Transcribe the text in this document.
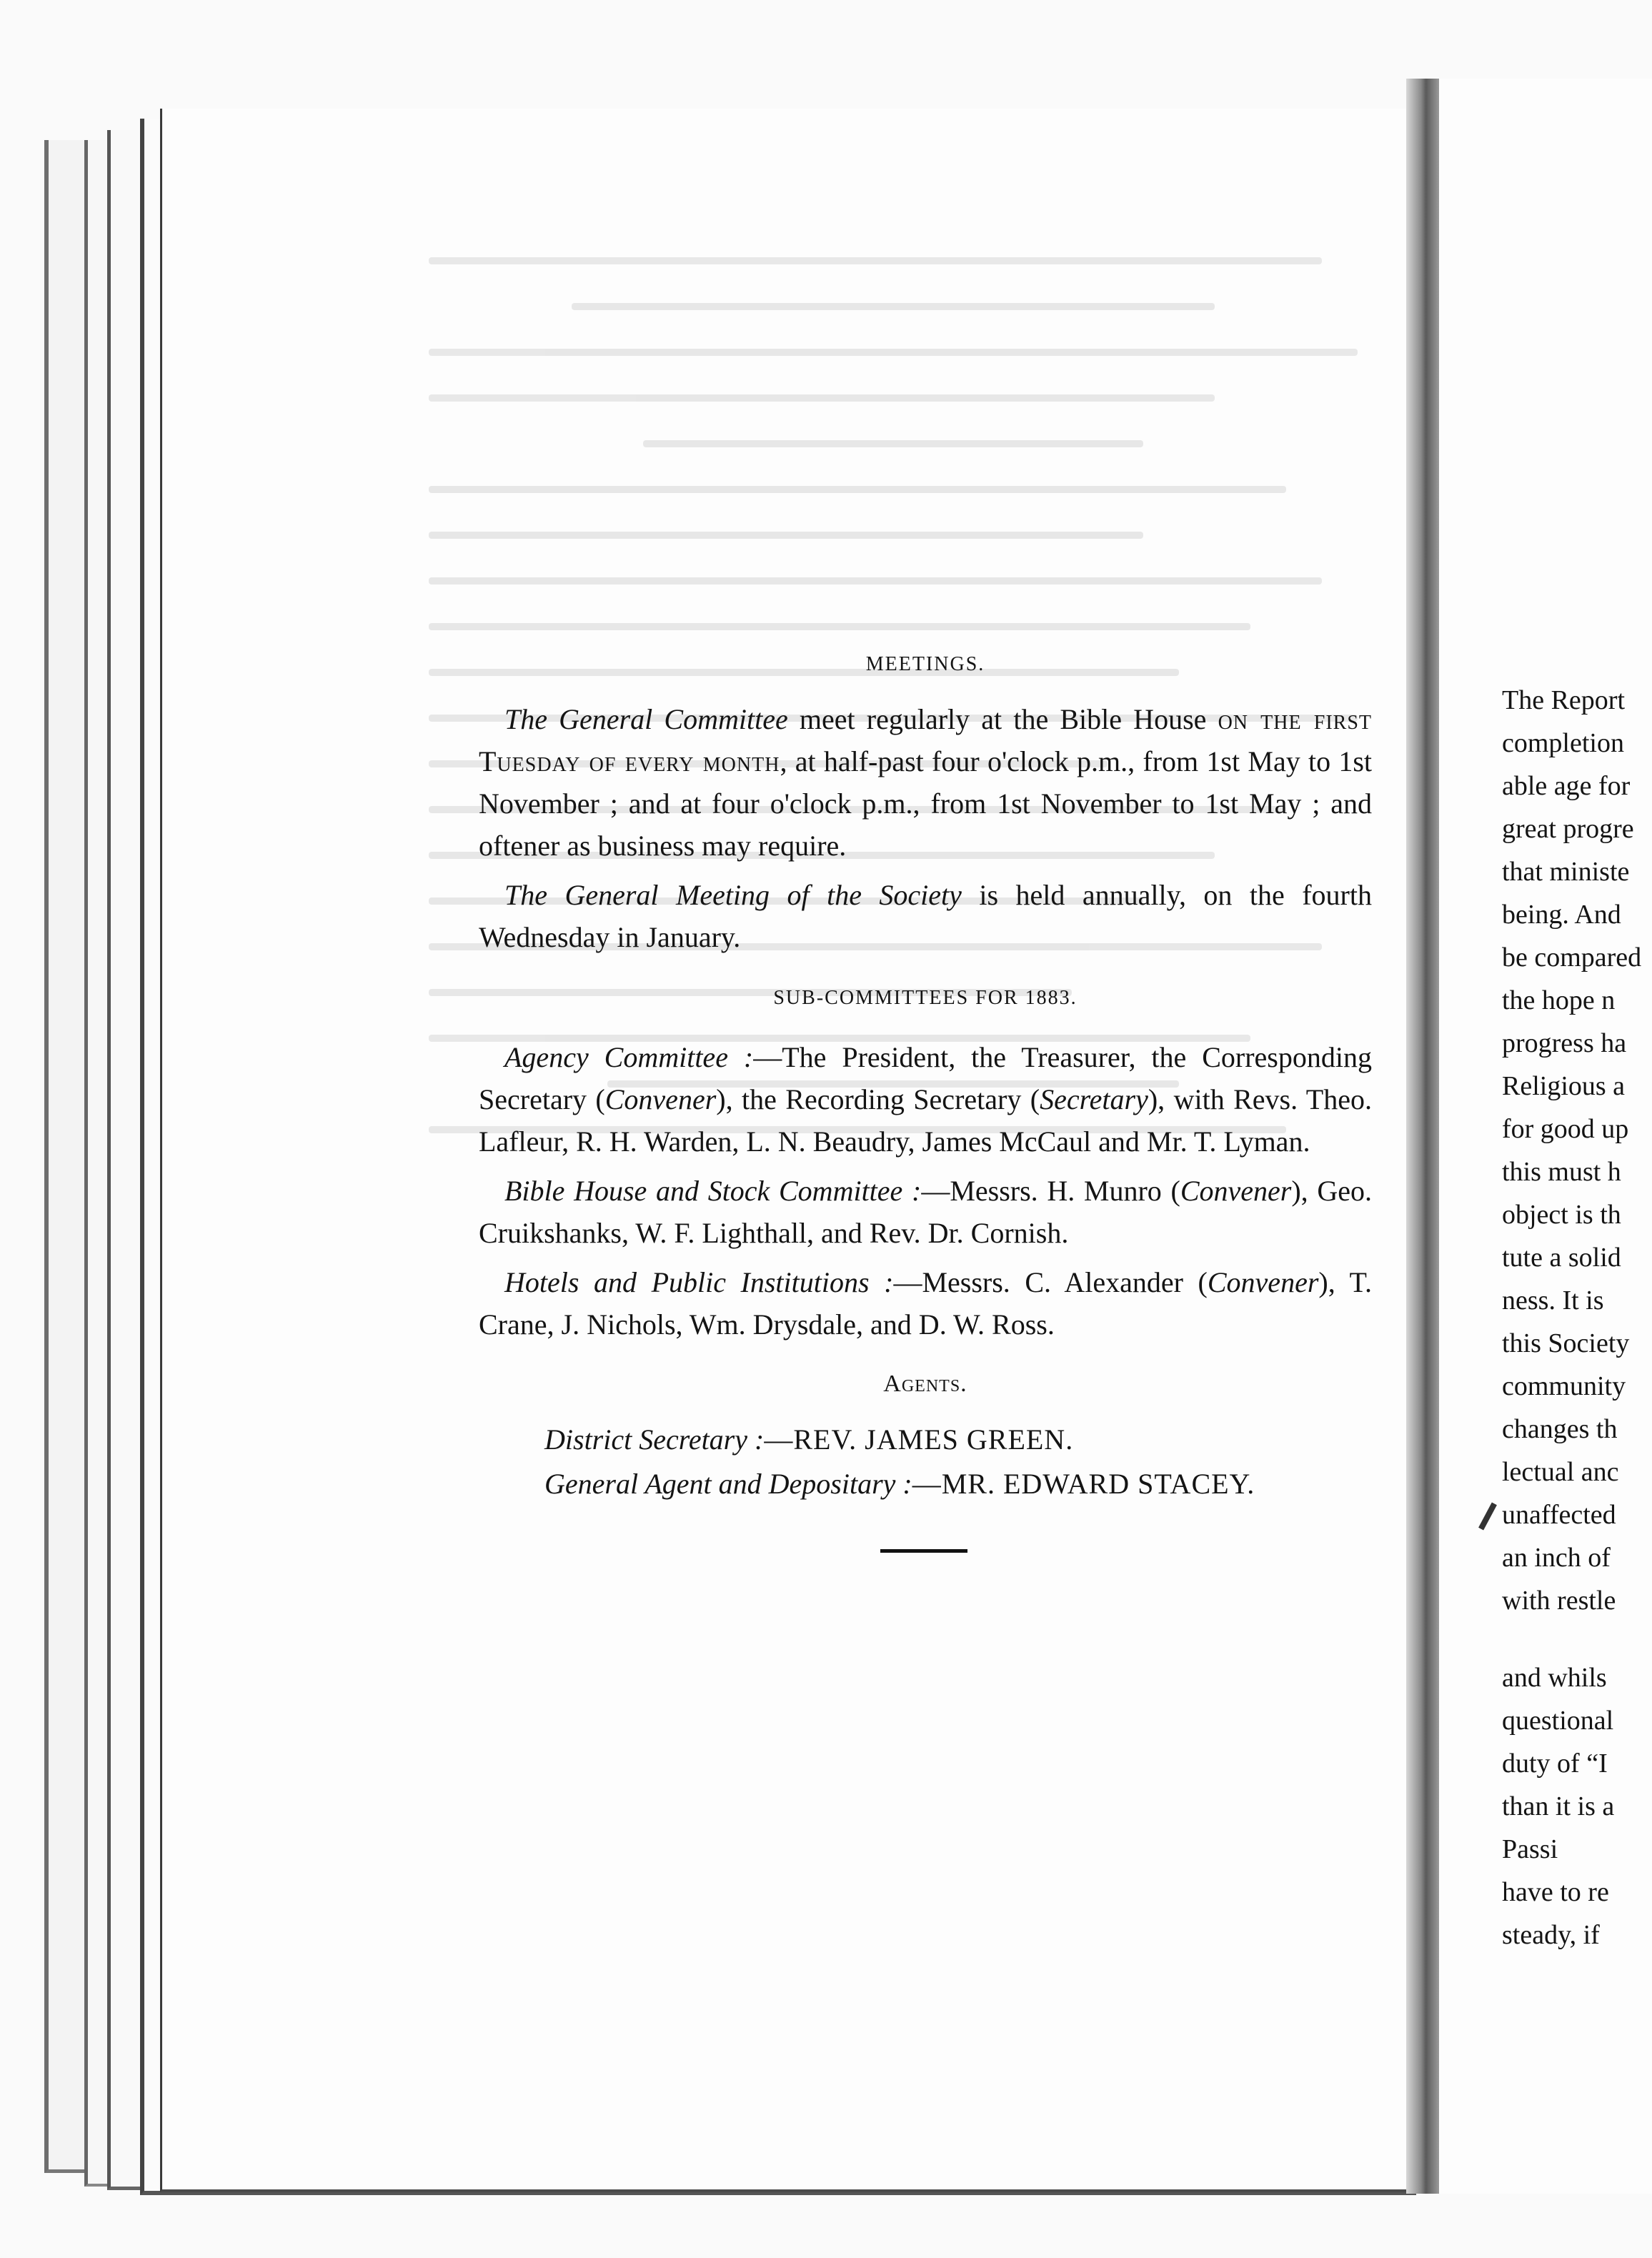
MEETINGS.

The General Committee meet regularly at the Bible House on the first Tuesday of every month, at half-past four o'clock p.m., from 1st May to 1st November ; and at four o'clock p.m., from 1st November to 1st May ; and oftener as business may require.

The General Meeting of the Society is held annually, on the fourth Wednesday in January.

SUB-COMMITTEES FOR 1883.

Agency Committee :—The President, the Treasurer, the Corresponding Secretary (Convener), the Recording Secretary (Secretary), with Revs. Theo. Lafleur, R. H. Warden, L. N. Beaudry, James McCaul and Mr. T. Lyman.

Bible House and Stock Committee :—Messrs. H. Munro (Convener), Geo. Cruikshanks, W. F. Lighthall, and Rev. Dr. Cornish.

Hotels and Public Institutions :—Messrs. C. Alexander (Convener), T. Crane, J. Nichols, Wm. Drysdale, and D. W. Ross.

Agents.
District Secretary :—REV. JAMES GREEN.
General Agent and Depositary :—MR. EDWARD STACEY.
The Report
completion
able age for
great progre
that ministe
being. And
be compared
the hope n
progress ha
Religious a
for good up
this must h
object is th
tute a solid
ness. It is
this Society
community
changes th
lectual anc
unaffected
an inch of
with restle
and whils
questional
duty of “I
than it is a
Passi
have to re
steady, if
